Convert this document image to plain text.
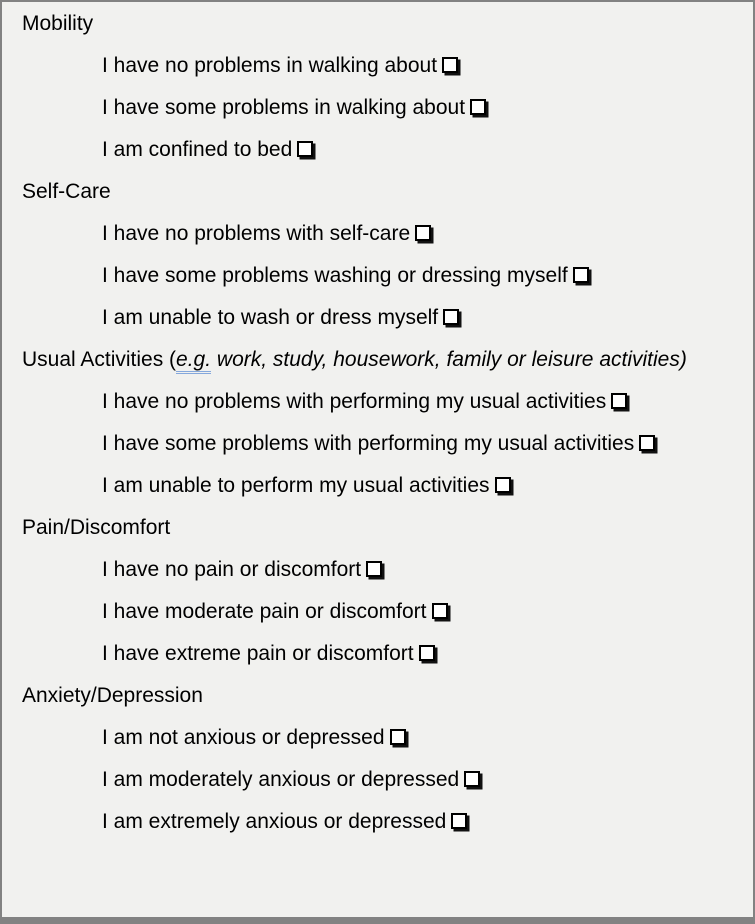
Mobility

I have no problems in walking about

I have some problems in walking about

I am confined to bed

Self-Care

I have no problems with self-care

I have some problems washing or dressing myself

I am unable to wash or dress myself

Usual Activities (e.g. work, study, housework, family or leisure activities)

I have no problems with performing my usual activities

I have some problems with performing my usual activities

I am unable to perform my usual activities

Pain/Discomfort

I have no pain or discomfort

I have moderate pain or discomfort

I have extreme pain or discomfort

Anxiety/Depression

I am not anxious or depressed

I am moderately anxious or depressed

I am extremely anxious or depressed
